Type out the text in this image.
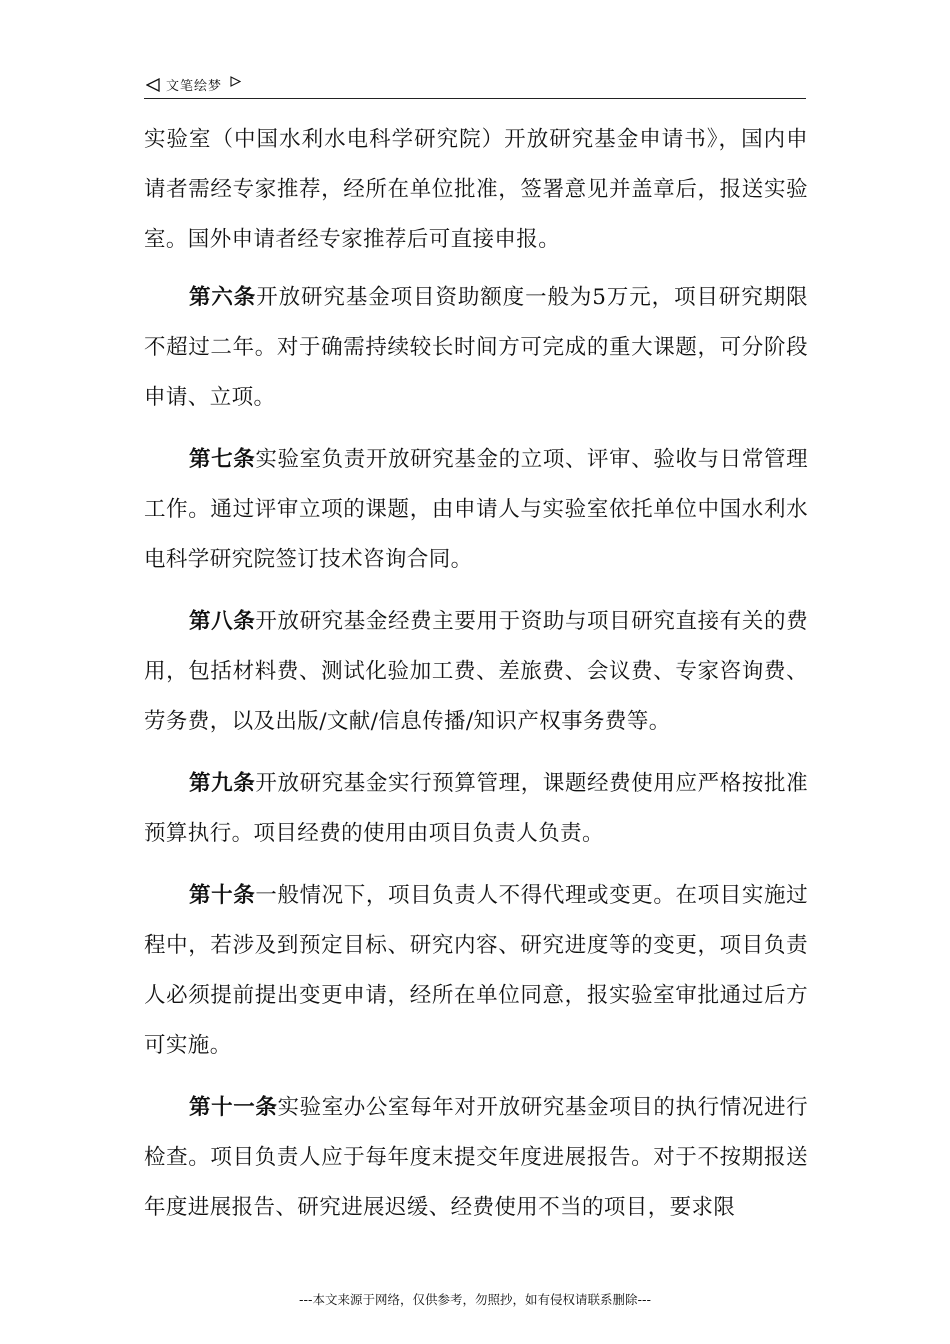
文笔绘梦

实验室（中国水利水电科学研究院）开放研究基金申请书》，国内申请者需经专家推荐，经所在单位批准，签署意见并盖章后，报送实验室。国外申请者经专家推荐后可直接申报。

第六条开放研究基金项目资助额度一般为5万元，项目研究期限不超过二年。对于确需持续较长时间方可完成的重大课题，可分阶段申请、立项。

第七条实验室负责开放研究基金的立项、评审、验收与日常管理工作。通过评审立项的课题，由申请人与实验室依托单位中国水利水电科学研究院签订技术咨询合同。

第八条开放研究基金经费主要用于资助与项目研究直接有关的费用，包括材料费、测试化验加工费、差旅费、会议费、专家咨询费、劳务费，以及出版/文献/信息传播/知识产权事务费等。

第九条开放研究基金实行预算管理，课题经费使用应严格按批准预算执行。项目经费的使用由项目负责人负责。

第十条一般情况下，项目负责人不得代理或变更。在项目实施过程中，若涉及到预定目标、研究内容、研究进度等的变更，项目负责人必须提前提出变更申请，经所在单位同意，报实验室审批通过后方可实施。

第十一条实验室办公室每年对开放研究基金项目的执行情况进行检查。项目负责人应于每年度末提交年度进展报告。对于不按期报送年度进展报告、研究进展迟缓、经费使用不当的项目，要求限

---本文来源于网络，仅供参考，勿照抄，如有侵权请联系删除---
